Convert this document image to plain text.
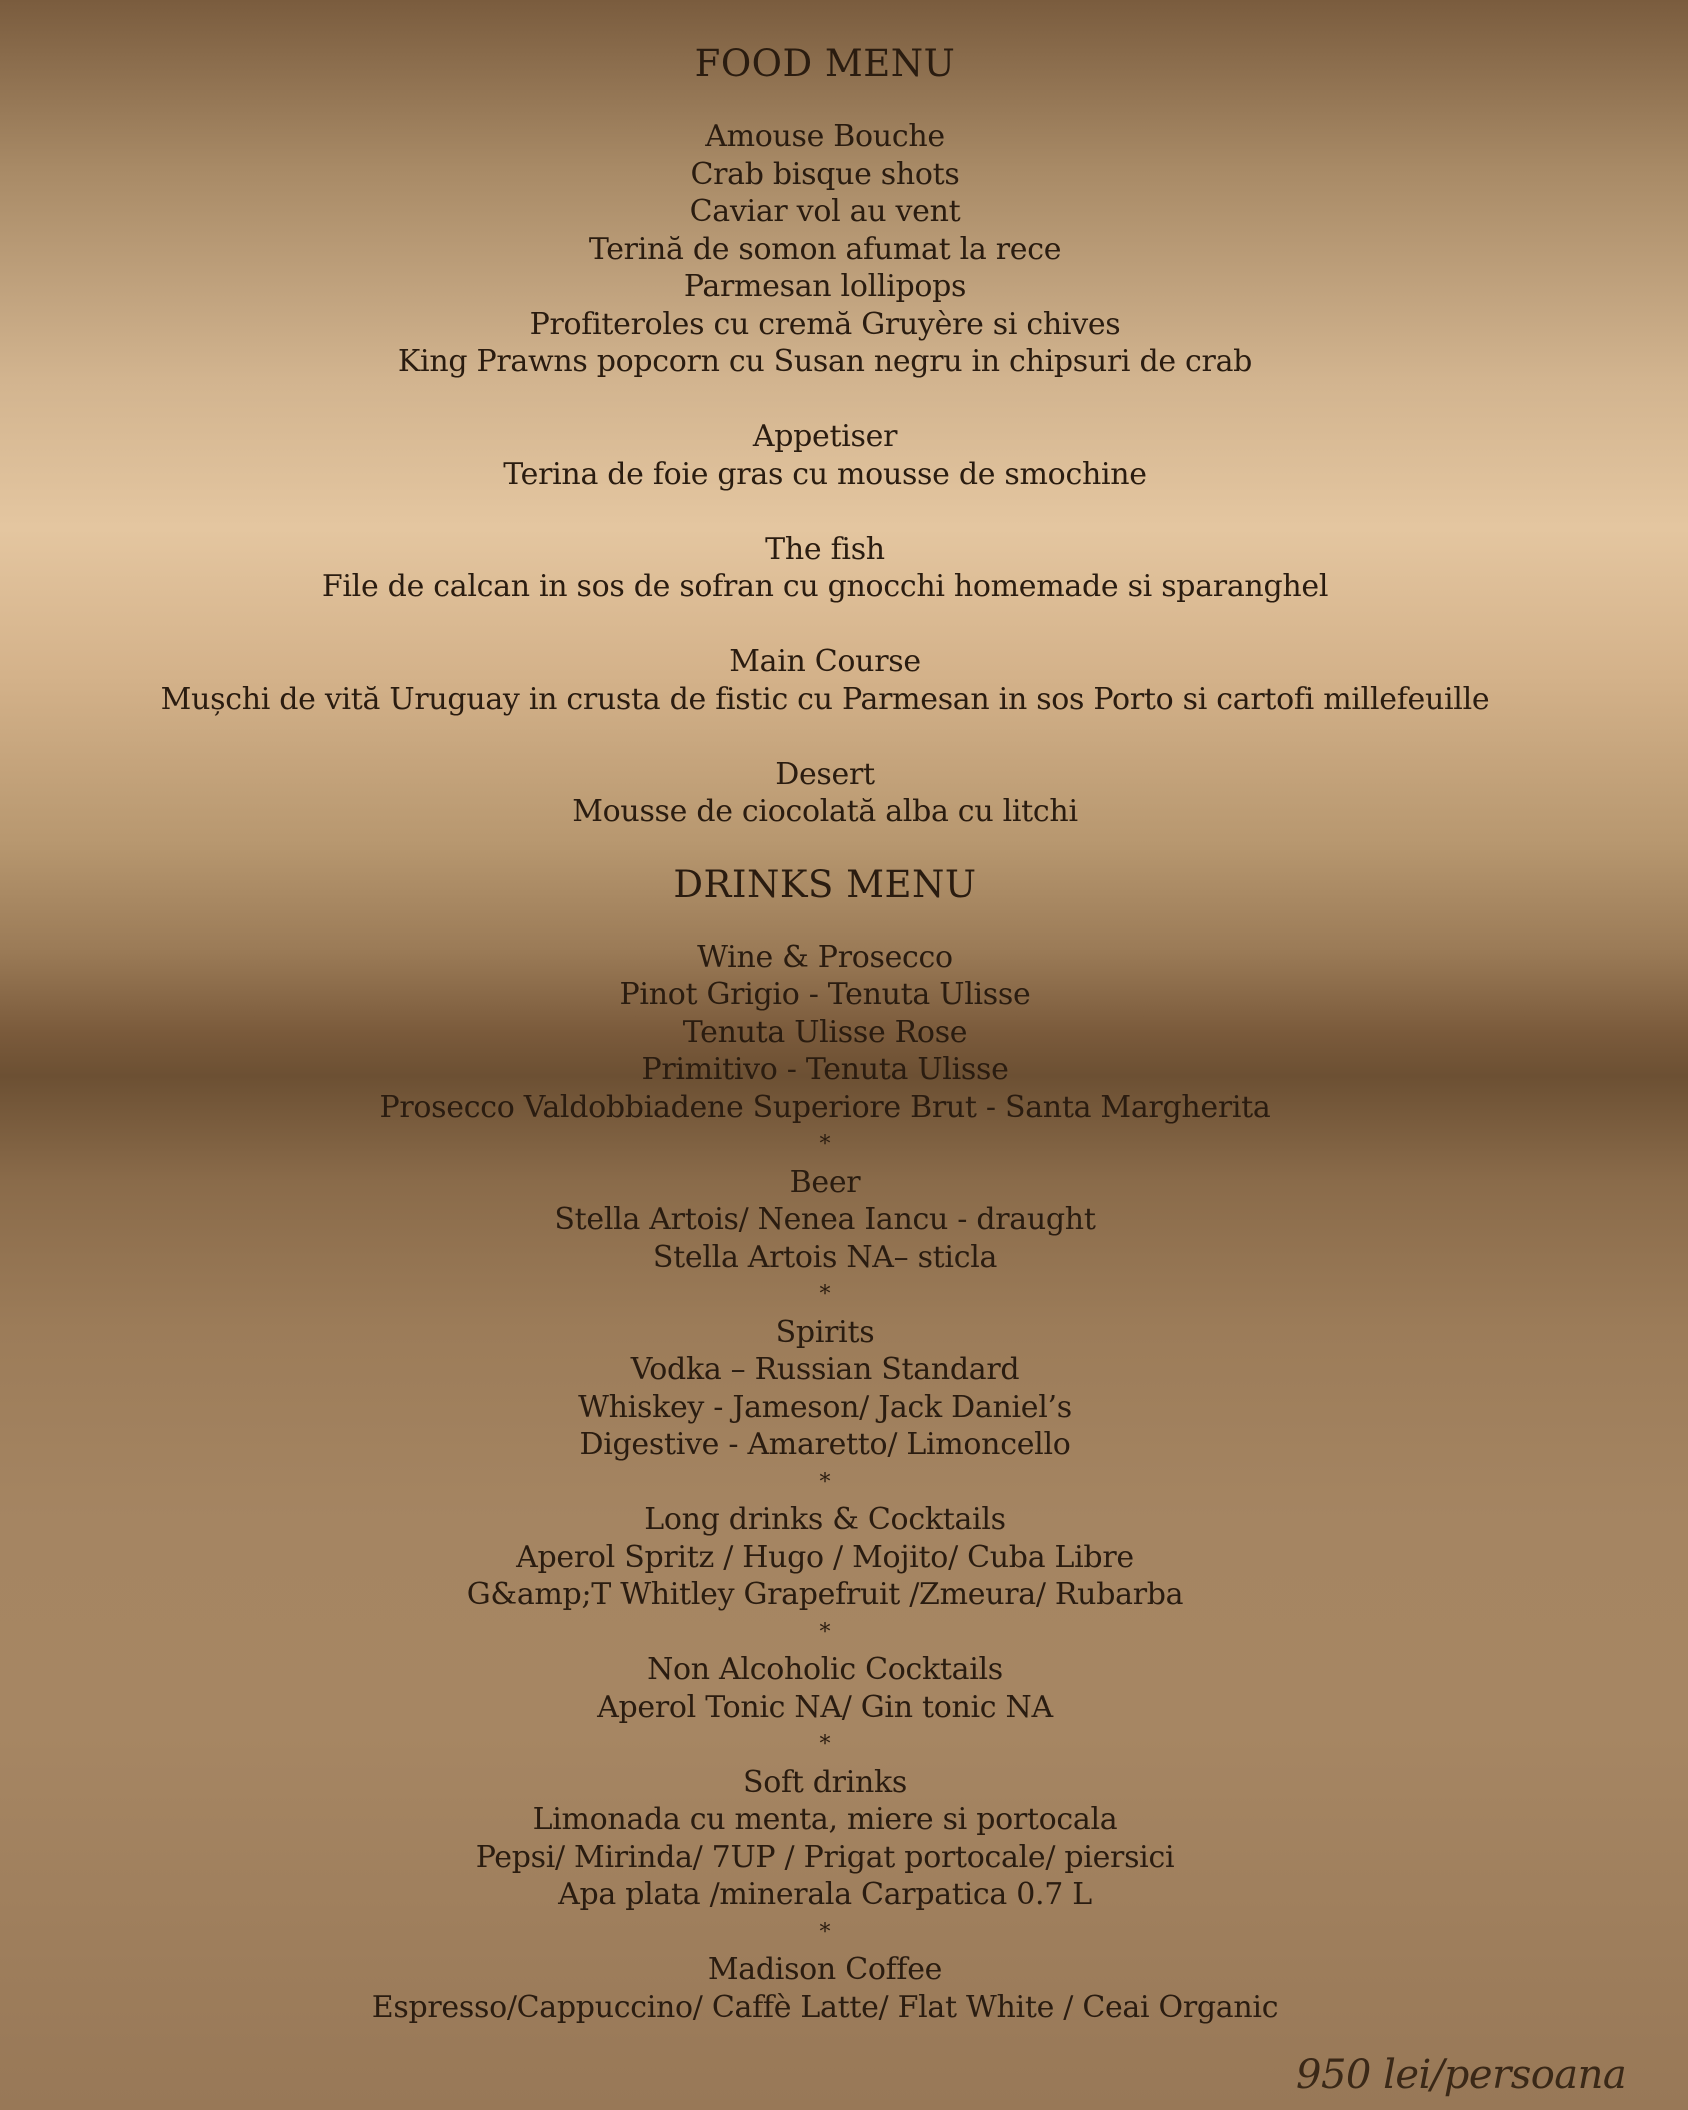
FOOD MENU
Amouse Bouche
Crab bisque shots
Caviar vol au vent
Terină de somon afumat la rece
Parmesan lollipops
Profiteroles cu cremă Gruyère si chives
King Prawns popcorn cu Susan negru in chipsuri de crab
Appetiser
Terina de foie gras cu mousse de smochine
The fish
File de calcan in sos de sofran cu gnocchi homemade si sparanghel
Main Course
Mușchi de vită Uruguay in crusta de fistic cu Parmesan in sos Porto si cartofi millefeuille
Desert
Mousse de ciocolată alba cu litchi
DRINKS MENU
Wine & Prosecco
Pinot Grigio - Tenuta Ulisse
Tenuta Ulisse Rose
Primitivo - Tenuta Ulisse
Prosecco Valdobbiadene Superiore Brut - Santa Margherita
*
Beer
Stella Artois/ Nenea Iancu - draught
Stella Artois NA– sticla
*
Spirits
Vodka – Russian Standard
Whiskey - Jameson/ Jack Daniel’s
Digestive - Amaretto/ Limoncello
*
Long drinks & Cocktails
Aperol Spritz / Hugo / Mojito/ Cuba Libre
G&amp;T Whitley Grapefruit /Zmeura/ Rubarba
*
Non Alcoholic Cocktails
Aperol Tonic NA/ Gin tonic NA
*
Soft drinks
Limonada cu menta, miere si portocala
Pepsi/ Mirinda/ 7UP / Prigat portocale/ piersici
Apa plata /minerala Carpatica 0.7 L
*
Madison Coffee
Espresso/Cappuccino/ Caffè Latte/ Flat White / Ceai Organic
950 lei/persoana
